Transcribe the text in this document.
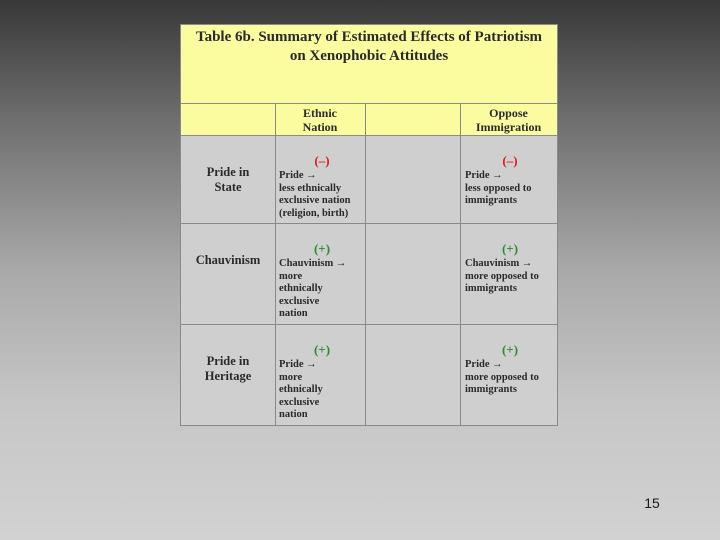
Table 6b. Summary of Estimated Effects of Patriotism
on Xenophobic Attitudes
Ethnic
Nation
Oppose
Immigration
Pride in
State
(–)
Pride →
less ethnically
exclusive nation
(religion, birth)
(–)
Pride →
less opposed to
immigrants
Chauvinism
(+)
Chauvinism →
more
ethnically
exclusive
nation
(+)
Chauvinism →
more opposed to
immigrants
Pride in
Heritage
(+)
Pride →
more
ethnically
exclusive
nation
(+)
Pride →
more opposed to
immigrants
15
